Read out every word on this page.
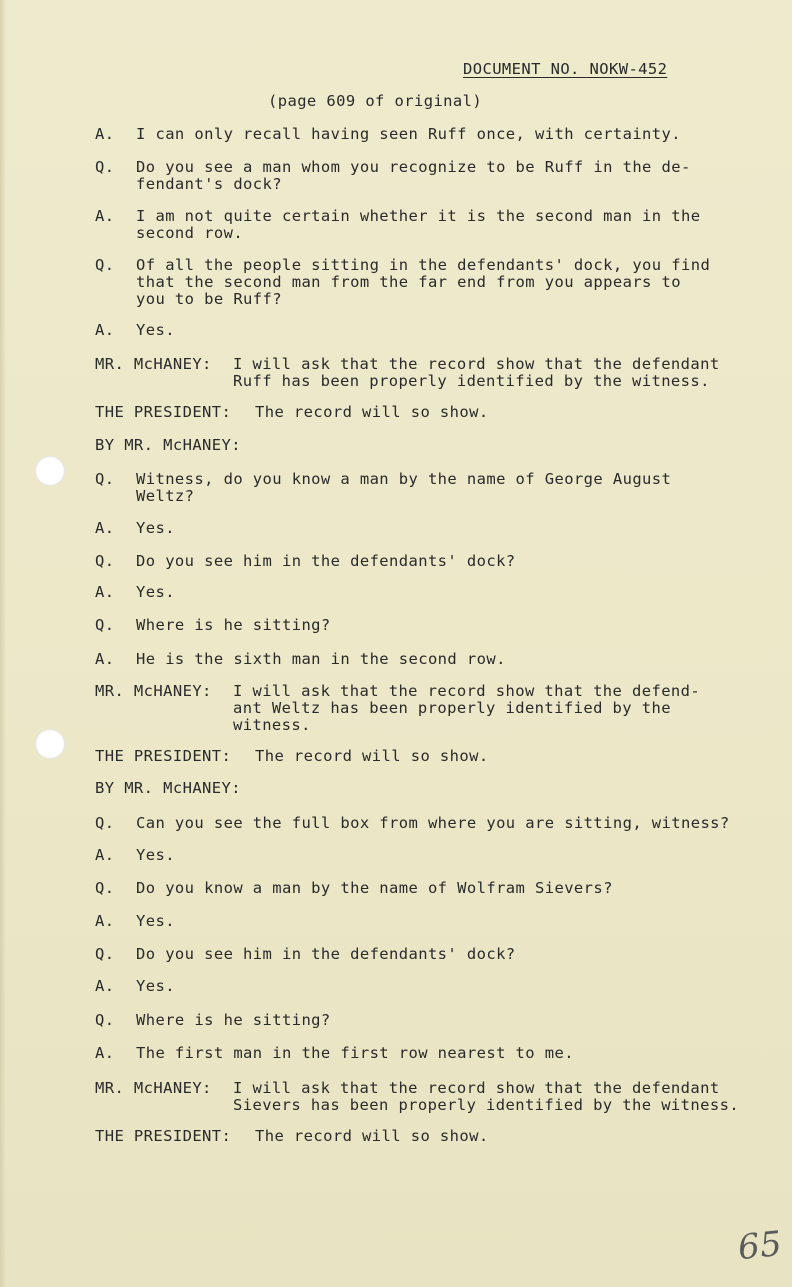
DOCUMENT NO. NOKW-452
(page 609 of original)
A. I can only recall having seen Ruff once, with certainty.
Q. Do you see a man whom you recognize to be Ruff in the de-
fendant's dock?
A. I am not quite certain whether it is the second man in the
second row.
Q. Of all the people sitting in the defendants' dock, you find
that the second man from the far end from you appears to
you to be Ruff?
A. Yes.
MR. McHANEY: I will ask that the record show that the defendant
Ruff has been properly identified by the witness.
THE PRESIDENT: The record will so show.
BY MR. McHANEY:
Q. Witness, do you know a man by the name of George August
Weltz?
A. Yes.
Q. Do you see him in the defendants' dock?
A. Yes.
Q. Where is he sitting?
A. He is the sixth man in the second row.
MR. McHANEY: I will ask that the record show that the defend-
ant Weltz has been properly identified by the
witness.
THE PRESIDENT: The record will so show.
BY MR. McHANEY:
Q. Can you see the full box from where you are sitting, witness?
A. Yes.
Q. Do you know a man by the name of Wolfram Sievers?
A. Yes.
Q. Do you see him in the defendants' dock?
A. Yes.
Q. Where is he sitting?
A. The first man in the first row nearest to me.
MR. McHANEY: I will ask that the record show that the defendant
Sievers has been properly identified by the witness.
THE PRESIDENT: The record will so show.
65
